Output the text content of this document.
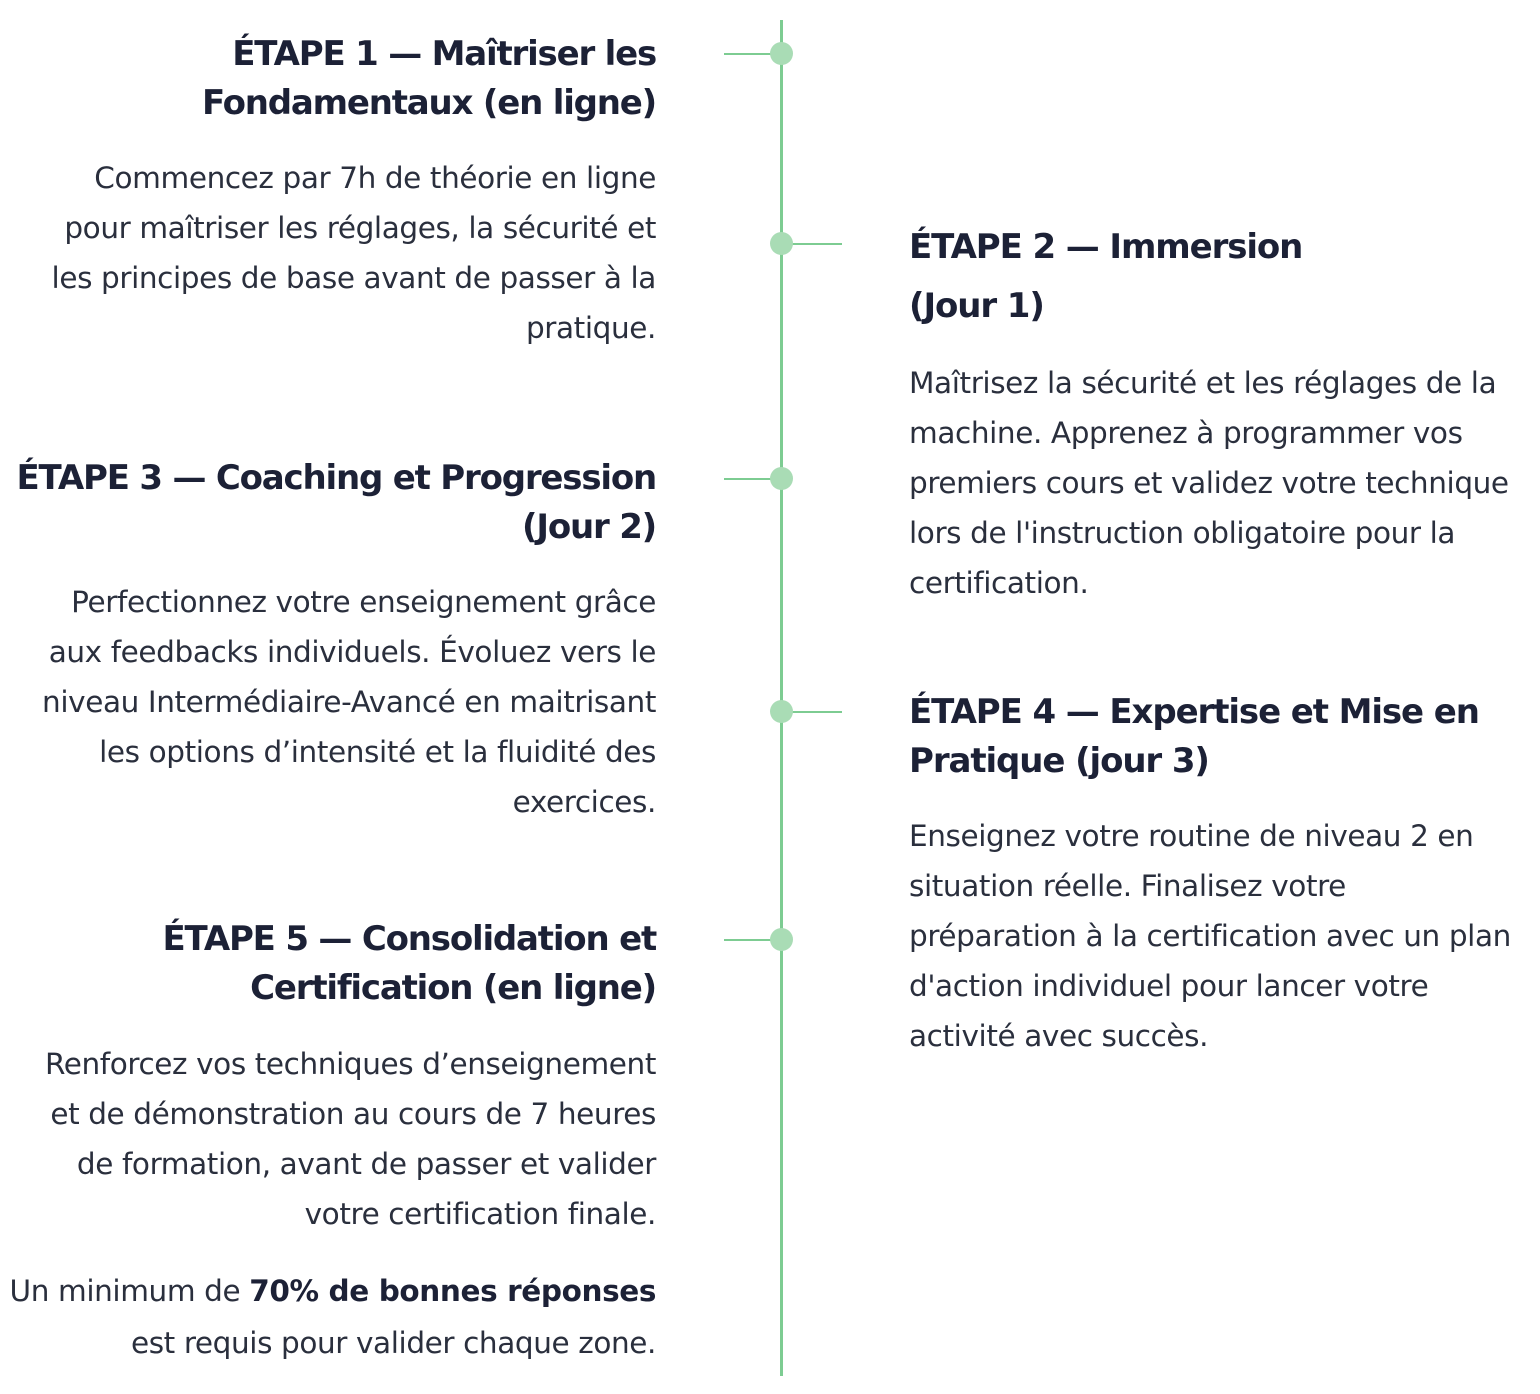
ÉTAPE 1 — Maîtriser les
Fondamentaux (en ligne)

Commencez par 7h de théorie en ligne
pour maîtriser les réglages, la sécurité et
les principes de base avant de passer à la
pratique.

ÉTAPE 2 — Immersion
(Jour 1)

Maîtrisez la sécurité et les réglages de la
machine. Apprenez à programmer vos
premiers cours et validez votre technique
lors de l'instruction obligatoire pour la
certification.

ÉTAPE 3 — Coaching et Progression
(Jour 2)

Perfectionnez votre enseignement grâce
aux feedbacks individuels. Évoluez vers le
niveau Intermédiaire-Avancé en maitrisant
les options d’intensité et la fluidité des
exercices.

ÉTAPE 4 — Expertise et Mise en
Pratique (jour 3)

Enseignez votre routine de niveau 2 en
situation réelle. Finalisez votre
préparation à la certification avec un plan
d'action individuel pour lancer votre
activité avec succès.

ÉTAPE 5 — Consolidation et
Certification (en ligne)

Renforcez vos techniques d’enseignement
et de démonstration au cours de 7 heures
de formation, avant de passer et valider
votre certification finale.

Un minimum de 70% de bonnes réponses
est requis pour valider chaque zone.
